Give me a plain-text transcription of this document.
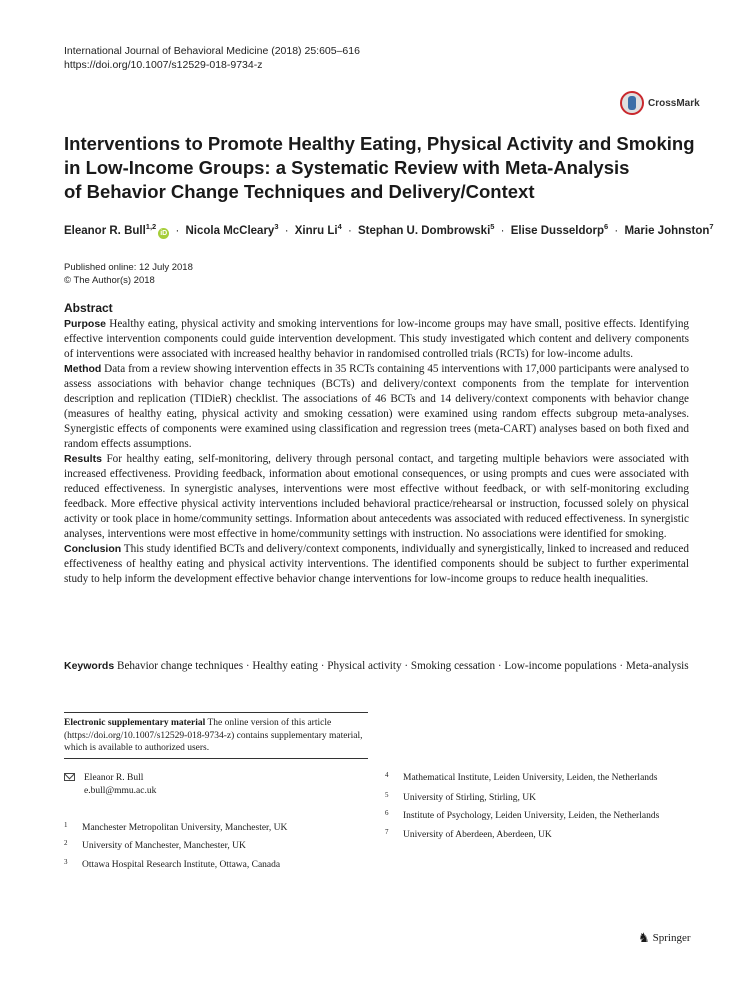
International Journal of Behavioral Medicine (2018) 25:605–616
https://doi.org/10.1007/s12529-018-9734-z
CrossMark
Interventions to Promote Healthy Eating, Physical Activity and Smoking
in Low-Income Groups: a Systematic Review with Meta-Analysis
of Behavior Change Techniques and Delivery/Context
Eleanor R. Bull$^{1,2}$iD · Nicola McCleary$^3$ · Xinru $Li^4$ · Stephan U. Dombrowski$^5$ · Elise Dusseldorp$^6$ · Marie Johnston$^7$
Published online: 12 July 2018
© The Author(s) 2018
Abstract

Purpose Healthy eating, physical activity and smoking interventions for low-income groups may have small, positive effects. Identifying effective intervention components could guide intervention development. This study investigated which content and delivery components of interventions were associated with increased healthy behavior in randomised controlled trials (RCTs) for low-income adults.

Method Data from a review showing intervention effects in 35 RCTs containing 45 interventions with 17,000 participants were analysed to assess associations with behavior change techniques (BCTs) and delivery/context components from the template for intervention description and replication (TIDieR) checklist. The associations of 46 BCTs and 14 delivery/context components with behavior change (measures of healthy eating, physical activity and smoking cessation) were examined using random effects subgroup meta-analyses. Synergistic effects of components were examined using classification and regression trees (meta-CART) analyses based on both fixed and random effects assumptions.

Results For healthy eating, self-monitoring, delivery through personal contact, and targeting multiple behaviors were associated with increased effectiveness. Providing feedback, information about emotional consequences, or using prompts and cues were associated with reduced effectiveness. In synergistic analyses, interventions were most effective without feedback, or with self-monitoring excluding feedback. More effective physical activity interventions included behavioral practice/rehearsal or instruction, focussed solely on physical activity or took place in home/community settings. Information about antecedents was associated with reduced effectiveness. In synergistic analyses, interventions were most effective in home/community settings with instruction. No associations were identified for smoking.

Conclusion This study identified BCTs and delivery/context components, individually and synergistically, linked to increased and reduced effectiveness of healthy eating and physical activity interventions. The identified components should be subject to further experimental study to help inform the development effective behavior change interventions for low-income groups to reduce health inequalities.

Keywords Behavior change techniques · Healthy eating · Physical activity · Smoking cessation · Low-income populations · Meta-analysis
Electronic supplementary material The online version of this article (https://doi.org/10.1007/s12529-018-9734-z) contains supplementary material, which is available to authorized users.
Eleanor R. Bull
e.bull@mmu.ac.uk
1 Manchester Metropolitan University, Manchester, UK
2 University of Manchester, Manchester, UK
3 Ottawa Hospital Research Institute, Ottawa, Canada
4 Mathematical Institute, Leiden University, Leiden, the Netherlands
5 University of Stirling, Stirling, UK
6 Institute of Psychology, Leiden University, Leiden, the Netherlands
7 University of Aberdeen, Aberdeen, UK
♞ Springer
